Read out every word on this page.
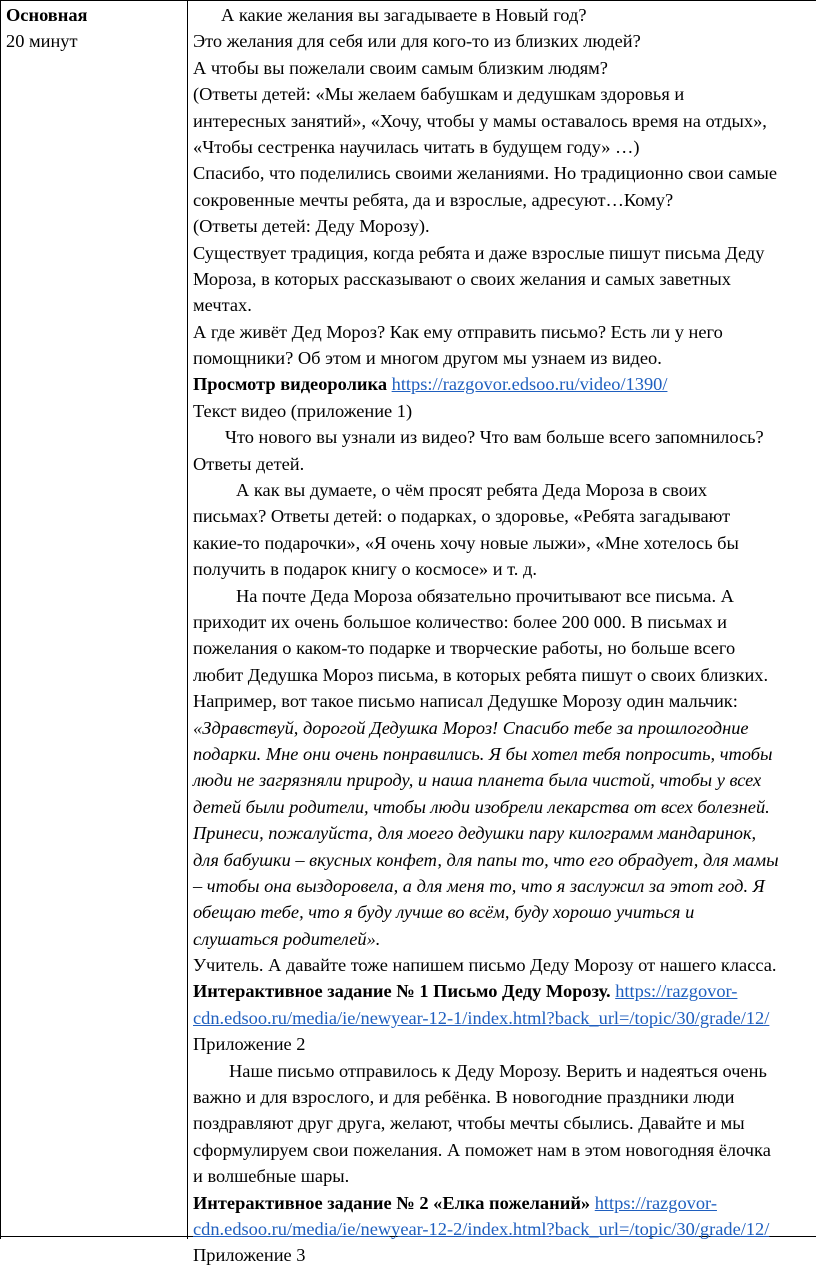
Основная
20 минут
А какие желания вы загадываете в Новый год?
Это желания для себя или для кого-то из близких людей?
А чтобы вы пожелали своим самым близким людям?
(Ответы детей: «Мы желаем бабушкам и дедушкам здоровья и
интересных занятий», «Хочу, чтобы у мамы оставалось время на отдых»,
«Чтобы сестренка научилась читать в будущем году» …)
Спасибо, что поделились своими желаниями. Но традиционно свои самые
сокровенные мечты ребята, да и взрослые, адресуют…Кому?
(Ответы детей: Деду Морозу).
Существует традиция, когда ребята и даже взрослые пишут письма Деду
Мороза, в которых рассказывают о своих желания и самых заветных
мечтах.
А где живёт Дед Мороз? Как ему отправить письмо? Есть ли у него
помощники? Об этом и многом другом мы узнаем из видео.
Просмотр видеоролика https://razgovor.edsoo.ru/video/1390/
Текст видео (приложение 1)
Что нового вы узнали из видео? Что вам больше всего запомнилось?
Ответы детей.
А как вы думаете, о чём просят ребята Деда Мороза в своих
письмах? Ответы детей: о подарках, о здоровье, «Ребята загадывают
какие-то подарочки», «Я очень хочу новые лыжи», «Мне хотелось бы
получить в подарок книгу о космосе» и т. д.
На почте Деда Мороза обязательно прочитывают все письма. А
приходит их очень большое количество: более 200 000. В письмах и
пожелания о каком-то подарке и творческие работы, но больше всего
любит Дедушка Мороз письма, в которых ребята пишут о своих близких.
Например, вот такое письмо написал Дедушке Морозу один мальчик:
«Здравствуй, дорогой Дедушка Мороз! Спасибо тебе за прошлогодние
подарки. Мне они очень понравились. Я бы хотел тебя попросить, чтобы
люди не загрязняли природу, и наша планета была чистой, чтобы у всех
детей были родители, чтобы люди изобрели лекарства от всех болезней.
Принеси, пожалуйста, для моего дедушки пару килограмм мандаринок,
для бабушки – вкусных конфет, для папы то, что его обрадует, для мамы
– чтобы она выздоровела, а для меня то, что я заслужил за этот год. Я
обещаю тебе, что я буду лучше во всём, буду хорошо учиться и
слушаться родителей».
Учитель. А давайте тоже напишем письмо Деду Морозу от нашего класса.
Интерактивное задание № 1 Письмо Деду Морозу. https://razgovor-
cdn.edsoo.ru/media/ie/newyear-12-1/index.html?back_url=/topic/30/grade/12/
Приложение 2
Наше письмо отправилось к Деду Морозу. Верить и надеяться очень
важно и для взрослого, и для ребёнка. В новогодние праздники люди
поздравляют друг друга, желают, чтобы мечты сбылись. Давайте и мы
сформулируем свои пожелания. А поможет нам в этом новогодняя ёлочка
и волшебные шары.
Интерактивное задание № 2 «Елка пожеланий» https://razgovor-
cdn.edsoo.ru/media/ie/newyear-12-2/index.html?back_url=/topic/30/grade/12/
Приложение 3
